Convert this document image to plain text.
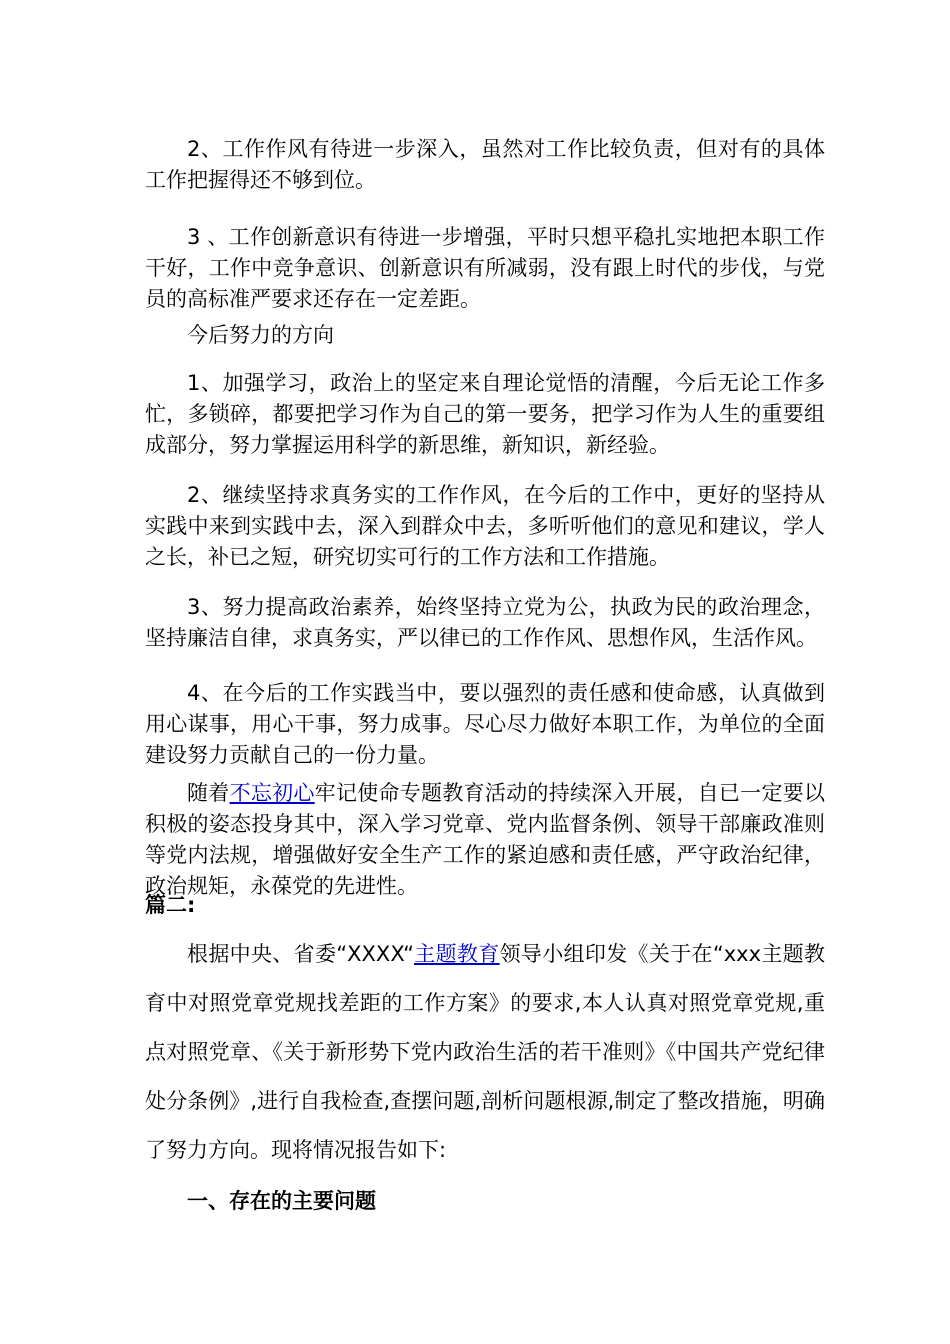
2、工作作风有待进一步深入，虽然对工作比较负责，但对有的具体工作把握得还不够到位。

3 、工作创新意识有待进一步增强，平时只想平稳扎实地把本职工作干好，工作中竞争意识、创新意识有所减弱，没有跟上时代的步伐，与党员的高标准严要求还存在一定差距。

今后努力的方向

1、加强学习，政治上的坚定来自理论觉悟的清醒，今后无论工作多忙，多锁碎，都要把学习作为自己的第一要务，把学习作为人生的重要组成部分，努力掌握运用科学的新思维，新知识，新经验。

2、继续坚持求真务实的工作作风，在今后的工作中，更好的坚持从实践中来到实践中去，深入到群众中去，多听听他们的意见和建议，学人之长，补已之短，研究切实可行的工作方法和工作措施。

3、努力提高政治素养，始终坚持立党为公，执政为民的政治理念，坚持廉洁自律，求真务实，严以律已的工作作风、思想作风，生活作风。

4、在今后的工作实践当中，要以强烈的责任感和使命感，认真做到用心谋事，用心干事，努力成事。尽心尽力做好本职工作，为单位的全面建设努力贡献自己的一份力量。

随着不忘初心牢记使命专题教育活动的持续深入开展，自已一定要以积极的姿态投身其中，深入学习党章、党内监督条例、领导干部廉政准则等党内法规，增强做好安全生产工作的紧迫感和责任感，严守政治纪律，政治规矩，永葆党的先进性。

篇二:

根据中央、省委“XXXX“主题教育领导小组印发《关于在“xxx主题教育中对照党章党规找差距的工作方案》的要求,本人认真对照党章党规,重点对照党章、《关于新形势下党内政治生活的若干准则》《中国共产党纪律处分条例》,进行自我检查,查摆问题,剖析问题根源,制定了整改措施，明确了努力方向。现将情况报告如下:

一、存在的主要问题
